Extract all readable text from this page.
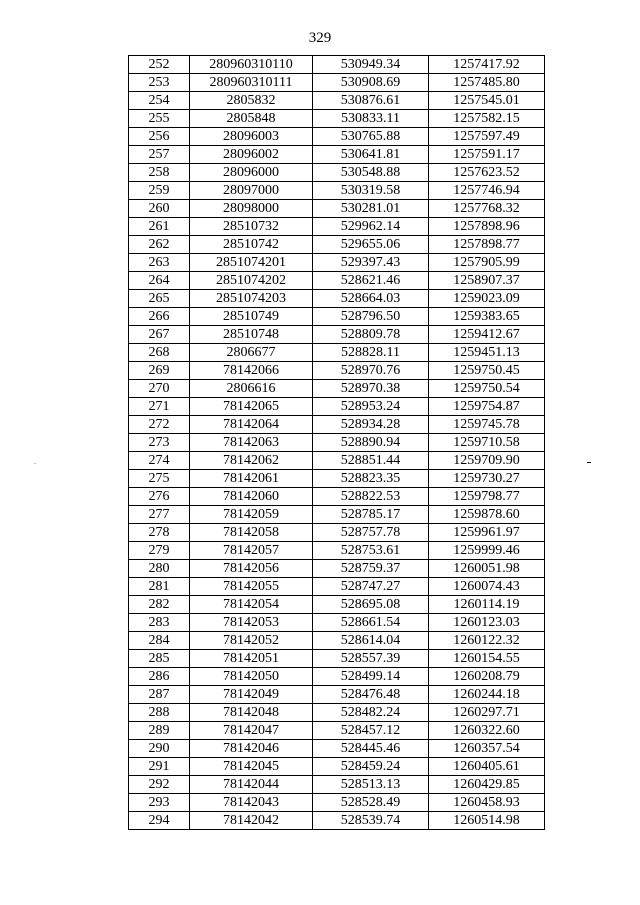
329
252	280960310110	530949.34	1257417.92
253	280960310111	530908.69	1257485.80
254	2805832	530876.61	1257545.01
255	2805848	530833.11	1257582.15
256	28096003	530765.88	1257597.49
257	28096002	530641.81	1257591.17
258	28096000	530548.88	1257623.52
259	28097000	530319.58	1257746.94
260	28098000	530281.01	1257768.32
261	28510732	529962.14	1257898.96
262	28510742	529655.06	1257898.77
263	2851074201	529397.43	1257905.99
264	2851074202	528621.46	1258907.37
265	2851074203	528664.03	1259023.09
266	28510749	528796.50	1259383.65
267	28510748	528809.78	1259412.67
268	2806677	528828.11	1259451.13
269	78142066	528970.76	1259750.45
270	2806616	528970.38	1259750.54
271	78142065	528953.24	1259754.87
272	78142064	528934.28	1259745.78
273	78142063	528890.94	1259710.58
274	78142062	528851.44	1259709.90
275	78142061	528823.35	1259730.27
276	78142060	528822.53	1259798.77
277	78142059	528785.17	1259878.60
278	78142058	528757.78	1259961.97
279	78142057	528753.61	1259999.46
280	78142056	528759.37	1260051.98
281	78142055	528747.27	1260074.43
282	78142054	528695.08	1260114.19
283	78142053	528661.54	1260123.03
284	78142052	528614.04	1260122.32
285	78142051	528557.39	1260154.55
286	78142050	528499.14	1260208.79
287	78142049	528476.48	1260244.18
288	78142048	528482.24	1260297.71
289	78142047	528457.12	1260322.60
290	78142046	528445.46	1260357.54
291	78142045	528459.24	1260405.61
292	78142044	528513.13	1260429.85
293	78142043	528528.49	1260458.93
294	78142042	528539.74	1260514.98
